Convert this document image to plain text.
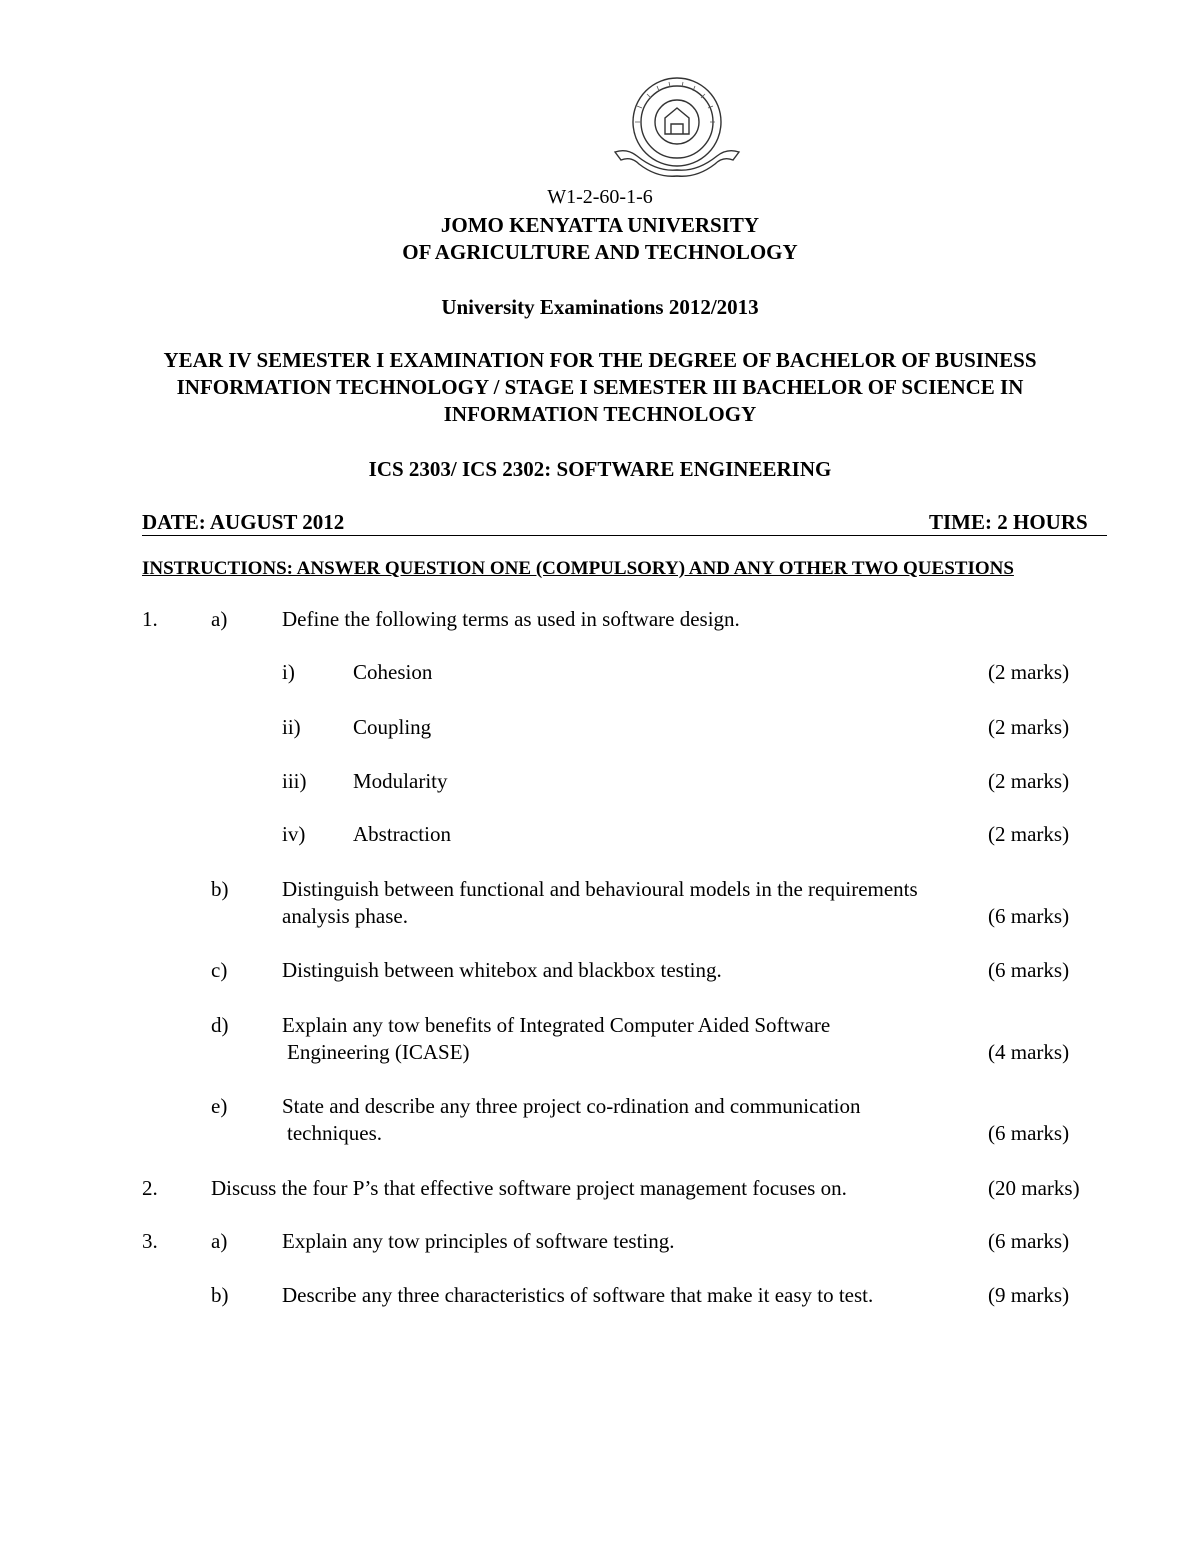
W1-2-60-1-6
JOMO KENYATTA UNIVERSITY
OF AGRICULTURE AND TECHNOLOGY
University Examinations 2012/2013
YEAR IV SEMESTER I EXAMINATION FOR THE DEGREE OF BACHELOR OF BUSINESS
INFORMATION TECHNOLOGY / STAGE I SEMESTER III BACHELOR OF SCIENCE IN
INFORMATION TECHNOLOGY
ICS 2303/ ICS 2302: SOFTWARE ENGINEERING
DATE: AUGUST 2012	TIME: 2 HOURS
INSTRUCTIONS: ANSWER QUESTION ONE (COMPULSORY) AND ANY OTHER TWO QUESTIONS
1.	a)	Define the following terms as used in software design.
i)	Cohesion	(2 marks)
ii) Coupling	(2 marks)
iii) Modularity	(2 marks)
iv) Abstraction	(2 marks)
b)	Distinguish between functional and behavioural models in the requirements
analysis phase.	(6 marks)
c)	Distinguish between whitebox and blackbox testing.	(6 marks)
d)	Explain any tow benefits of Integrated Computer Aided Software
Engineering (ICASE)	(4 marks)
e)	State and describe any three project co-rdination and communication
techniques.	(6 marks)
2.	Discuss the four P’s that effective software project management focuses on.	(20 marks)
3.	a)	Explain any tow principles of software testing.	(6 marks)
b)	Describe any three characteristics of software that make it easy to test.	(9 marks)
